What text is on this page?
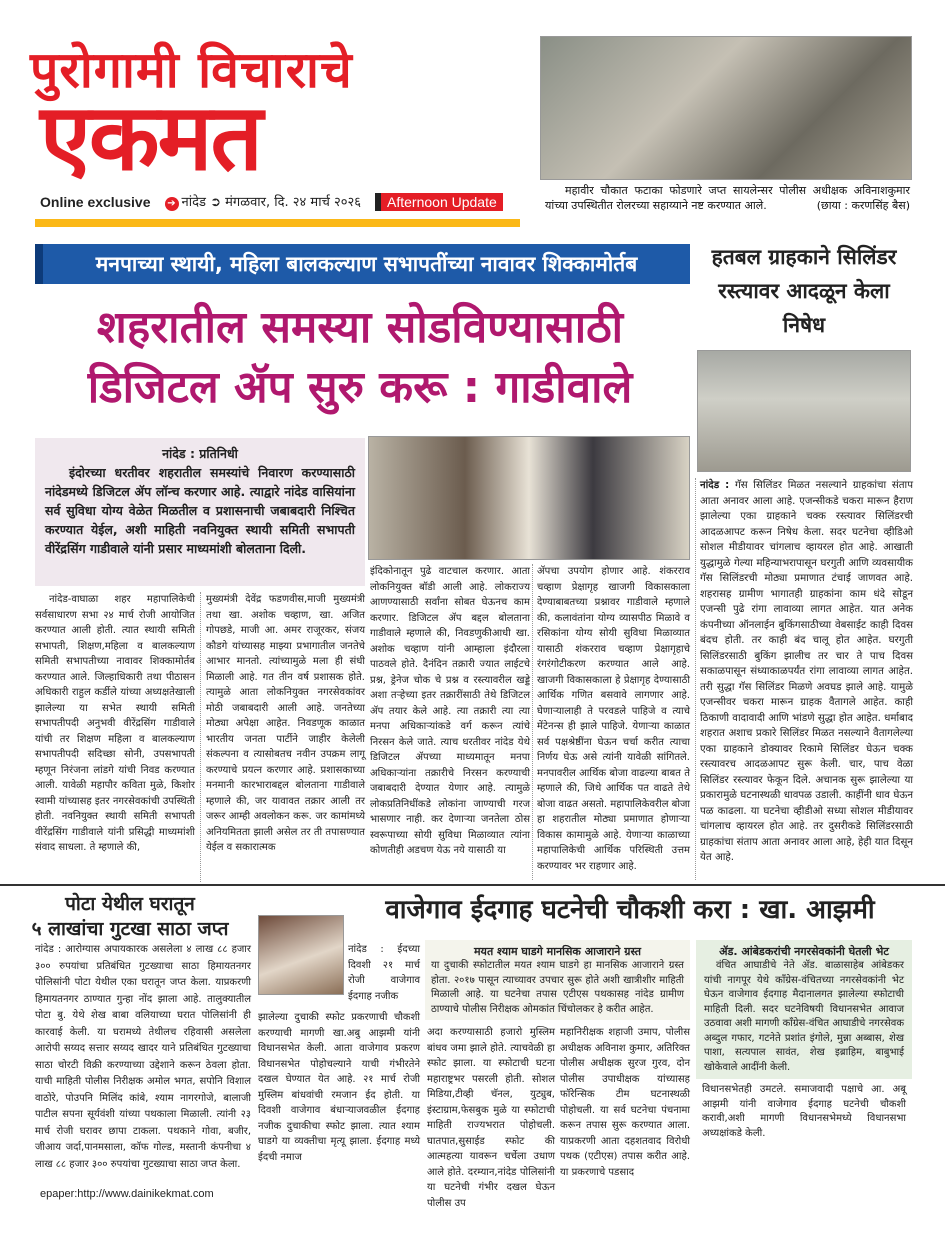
पुरोगामी विचाराचे
एकमत	महावीर चौकात फटाका फोडणारे जप्त सायलेन्सर पोलीस अधीक्षक अविनाशकुमार यांच्या उपस्थितीत रोलरच्या सहाय्याने नष्ट करण्यात आले.	(छाया : करणसिंह बैस)
Online exclusive ➔ नांदेड ➲ मंगळवार, दि. २४ मार्च २०२६	Afternoon Update
मनपाच्या स्थायी, महिला बालकल्याण सभापतींच्या नावावर शिक्कामोर्तब
शहरातील समस्या सोडविण्यासाठी
डिजिटल ॲप सुरु करू : गाडीवाले
नांदेड : प्रतिनिधी
इंदोरच्या धरतीवर शहरातील समस्यांचे निवारण करण्यासाठी नांदेडमध्ये डिजिटल ॲप लॉन्च करणार आहे. त्याद्वारे नांदेड वासियांना सर्व सुविधा योग्य वेळेत मिळतील व प्रशासनाची जबाबदारी निश्चित करण्यात येईल, अशी माहिती नवनियुक्त स्थायी समिती सभापती वीरेंद्रसिंग गाडीवाले यांनी प्रसार माध्यमांशी बोलताना दिली.
नांदेड-वाघाळा शहर महापालिकेची सर्वसाधारण सभा २४ मार्च रोजी आयोजित करण्यात आली होती. त्यात स्थायी समिती सभापती, शिक्षण,महिला व बालकल्याण समिती सभापतीच्या नावावर शिक्कामोर्तब करण्यात आले. जिल्हाधिकारी तथा पीठासन अधिकारी राहुल कर्डीले यांच्या अध्यक्षतेखाली झालेल्या या सभेत स्थायी समिती सभापतीपदी अनुभवी वीरेंद्रसिंग गाडीवाले यांची तर शिक्षण महिला व बालकल्याण सभापतीपदी सदिच्छा सोनी, उपसभापती म्हणून निरंजना लांडगे यांची निवड करण्यात आली. यावेळी महापौर कविता मुळे, किशोर स्वामी यांच्यासह इतर नगरसेवकांची उपस्थिती होती. नवनियुक्त स्थायी समिती सभापती वीरेंद्रसिंग गाडीवाले यांनी प्रसिद्धी माध्यमांशी संवाद साधला. ते म्हणाले की,
मुख्यमंत्री देवेंद्र फडणवीस,माजी मुख्यमंत्री तथा खा. अशोक चव्हाण, खा. अजित गोपछडे, माजी आ. अमर राजूरकर, संजय कौडगे यांच्यासह माझ्या प्रभागातील जनतेचे आभार मानतो. त्यांच्यामुळे मला ही संधी मिळाली आहे. गत तीन वर्ष प्रशासक होते. त्यामुळे आता लोकनियुक्त नगरसेवकांवर मोठी जबाबदारी आली आहे. जनतेच्या मोठ्या अपेक्षा आहेत. निवडणूक काळात भारतीय जनता पार्टीने जाहीर केलेली संकल्पना व त्यासोबतच नवीन उपक्रम लागू करण्याचे प्रयत्न करणार आहे. प्रशासकाच्या मनमानी कारभाराबद्दल बोलताना गाडीवाले म्हणाले की, जर यावावत तक्रार आली तर जरूर आम्ही अवलोकन करू. जर कामांमध्ये अनियमितता झाली असेल तर ती तपासण्यात येईल व सकारात्मक
इंदिकोनातून पुढे वाटचाल करणार. आता लोकनियुक्त बॉडी आली आहे. लोकराज्य आणण्यासाठी सर्वांना सोबत घेऊनच काम करणार. डिजिटल ॲप बद्दल बोलताना गाडीवाले म्हणाले की, निवडणुकीआधी खा. अशोक चव्हाण यांनी आम्हाला इंदौरला पाठवले होते. दैनंदिन तक्रारी ज्यात लाईटचे प्रश्न, ड्रेनेज चोक चे प्रश्न व रस्त्यावरील खड्डे अशा तऱ्हेच्या इतर तक्रारींसाठी तेथे डिजिटल ॲप तयार केले आहे. त्या तक्रारी त्या त्या मनपा अधिकाऱ्यांकडे वर्ग करून त्यांचे निरसन केले जाते. त्याच धरतीवर नांदेड येथे डिजिटल ॲपच्या माध्यमातून मनपा अधिकाऱ्यांना तक्रारीचे निरसन करण्याची जबाबदारी देण्यात येणार आहे. त्यामुळे लोकप्रतिनिधींकडे लोकांना जाण्याची गरज भासणार नाही. कर देणाऱ्या जनतेला ठोस स्वरूपाच्या सोयी सुविधा मिळाव्यात त्यांना कोणतीही अडचण येऊ नये यासाठी या
ॲपचा उपयोग होणार आहे. शंकरराव चव्हाण प्रेक्षागृह खाजगी विकासकाला देण्याबाबतच्या प्रश्नावर गाडीवाले म्हणाले की, कलावंतांना योग्य व्यासपीठ मिळावे व रसिकांना योग्य सोयी सुविधा मिळाव्यात यासाठी शंकरराव चव्हाण प्रेक्षागृहाचे रंगरंगोटीकरण करण्यात आले आहे. खाजगी विकासकाला हे प्रेक्षागृह देण्यासाठी आर्थिक गणित बसवावे लागणार आहे. घेणाऱ्यालाही ते परवडले पाहिजे व त्याचे मेंटेनन्स ही झाले पाहिजे. येणाऱ्या काळात सर्व पक्षश्रेष्ठींना घेऊन चर्चा करीत त्याचा निर्णय घेऊ असे त्यांनी यावेळी सांगितले. मनपावरील आर्थिक बोजा वाढल्या बाबत ते म्हणाले की, जिथे आर्थिक पत वाढते तेथे बोजा वाढत असतो. महापालिकेवरील बोजा हा शहरातील मोठ्या प्रमाणात होणाऱ्या विकास कामामुळे आहे. येणाऱ्या काळाच्या महापालिकेची आर्थिक परिस्थिती उत्तम करण्यावर भर राहणार आहे.
हतबल ग्राहकाने सिलिंडर रस्त्यावर आदळून केला निषेध
नांदेड : गॅस सिलिंडर मिळत नसल्याने ग्राहकांचा संताप आता अनावर आला आहे. एजन्सीकडे चकरा मारून हैराण झालेल्या एका ग्राहकाने चक्क रस्त्यावर सिलिंडरची आदळआपट करून निषेध केला. सदर घटनेचा व्हीडिओ सोशल मीडीयावर चांगलाच व्हायरल होत आहे. आखाती युद्धामुळे गेल्या महिन्याभरापासून घरगुती आणि व्यवसायीक गॅस सिलिंडरची मोठ्या प्रमाणात टंचाई जाणवत आहे. शहरासह ग्रामीण भागातही ग्राहकांना काम धंदे सोडून एजन्सी पुढे रांगा लावाव्या लागत आहेत. यात अनेक कंपनीच्या ऑनलाईन बुकिंगसाठीच्या वेबसाईट काही दिवस बंदच होती. तर काही बंद चालू होत आहेत. घरगुती सिलिंडरसाठी बुकिंग झालीच तर चार ते पाच दिवस सकाळपासून संध्याकाळपर्यंत रांगा लावाव्या लागत आहेत. तरी सुद्धा गॅस सिलिंडर मिळणे अवघड झाले आहे. यामुळे एजन्सीवर चकरा मारून ग्राहक वैतागले आहेत. काही ठिकाणी वादावादी आणि भांडणे सुद्धा होत आहेत. धर्माबाद शहरात अशाच प्रकारे सिलिंडर मिळत नसल्याने वैतागलेल्या एका ग्राहकाने डोक्यावर रिकामे सिलिंडर घेऊन चक्क रस्त्यावरच आदळआपट सुरू केली. चार, पाच वेळा सिलिंडर रस्त्यावर फेकून दिले. अचानक सुरू झालेल्या या प्रकारामुळे घटनास्थळी धावपळ उडाली. काहींनी धाव घेऊन पळ काढला. या घटनेचा व्हीडीओ सध्या सोशल मीडीयावर चांगलाच व्हायरल होत आहे. तर दुसरीकडे सिलिंडरसाठी ग्राहकांचा संताप आता अनावर आला आहे, हेही यात दिसून येत आहे.
पोटा येथील घरातून
५ लाखांचा गुटखा साठा जप्त
नांदेड : आरोग्यास अपायकारक असलेला ४ लाख ८८ हजार ३०० रुपयांचा प्रतिबंधित गुटख्याचा साठा हिमायतनगर पोलिसांनी पोटा येथील एका घरातून जप्त केला. याप्रकरणी हिमायतनगर ठाण्यात गुन्हा नोंद झाला आहे. तालुक्यातील पोटा बु. येथे शेख बाबा वलियाच्या घरात पोलिसांनी ही कारवाई केली. या घरामध्ये तेथीलच रहिवासी असलेला आरोपी सय्यद सत्तार सय्यद खादर याने प्रतिबंधित गुटख्याचा साठा चोरटी विक्री करण्याच्या उद्देशाने करून ठेवला होता. याची माहिती पोलीस निरीक्षक अमोल भगत, सपोनि विशाल वाठोरे, पोउपनि मिलिंद कांबे, श्याम नागरगोजे, बालाजी पाटील सपना सूर्यवंशी यांच्या पथकाला मिळाली. त्यांनी २३ मार्च रोजी घरावर छापा टाकला. पथकाने गोवा, बजीर, जीआय जर्दा,पानमसाला, कॉफ गोल्ड, मस्तानी कंपनीचा ४ लाख ८८ हजार ३०० रुपयांचा गुटख्याचा साठा जप्त केला.
वाजेगाव ईदगाह घटनेची चौकशी करा : खा. आझमी
नांदेड : ईदच्या दिवशी २१ मार्च रोजी वाजेगाव ईदगाह नजीक
झालेल्या दुचाकी स्फोट प्रकरणाची चौकशी करण्याची मागणी खा.अबु आझमी यांनी विधानसभेत केली. आता वाजेगाव प्रकरण विधानसभेत पोहोचल्याने याची गंभीरतेने दखल घेण्यात येत आहे. २१ मार्च रोजी मुस्लिम बांधवांची रमजान ईद होती. या दिवशी वाजेगाव बंधाऱ्याजवळील ईदगाह नजीक दुचाकीचा स्फोट झाला. त्यात श्याम घाडगे या व्यक्तीचा मृत्यू झाला. ईदगाह मध्ये ईदची नमाज
मयत श्याम घाडगे मानसिक आजाराने ग्रस्त
या दुचाकी स्फोटातील मयत श्याम घाडगे हा मानसिक आजाराने ग्रस्त होता. २०१७ पासून त्याच्यावर उपचार सुरू होते अशी खात्रीशीर माहिती मिळाली आहे. या घटनेचा तपास एटीएस पथकासह नांदेड ग्रामीण ठाण्याचे पोलीस निरीक्षक ओमकांत चिंचोलकर हे करीत आहेत.
अदा करण्यासाठी हजारो मुस्लिम बांधव जमा झाले होते. त्याचवेळी हा स्फोट झाला. या स्फोटाची घटना महाराष्ट्रभर पसरली होती. सोशल मिडिया,टीव्ही चॅनल, युट्युब, इंस्टाग्राम,फेसबुक मुळे या स्फोटाची माहिती राज्यभरात पोहोचली. घातपात,सुसाईड स्फोट की आत्महत्या यावरून चर्चेला उधाण आले होते. दरम्यान,नांदेड पोलिसांनी या घटनेची गंभीर दखल घेऊन पोलीस उप
महानिरीक्षक शहाजी उमाप, पोलीस अधीक्षक अविनाश कुमार, अतिरिक्त पोलीस अधीक्षक सुरज गुरव, दोन पोलीस उपाधीक्षक यांच्यासह फॉरेन्सिक टीम घटनास्थळी पोहोचली. या सर्व घटनेचा पंचनामा करून तपास सुरू करण्यात आला. याप्रकरणी आता दहशतवाद विरोधी पथक (एटीएस) तपास करीत आहे. या प्रकरणाचे पडसाद
ॲड. आंबेडकरांची नगरसेवकांनी घेतली भेट
वंचित आघाडीचे नेते ॲड. बाळासाहेब आंबेडकर यांची नागपूर येथे काँग्रेस-वंचितच्या नगरसेवकांनी भेट घेऊन वाजेगाव ईदगाह मैदानालगत झालेल्या स्फोटाची माहिती दिली. सदर घटनेविषयी विधानसभेत आवाज उठवावा अशी मागणी काँग्रेस-वंचित आघाडीचे नगरसेवक अब्दुल गफार, गटनेते प्रशांत इंगोले, मुन्ना अब्बास, शेख पाशा, सत्यपाल सावंत, शेख इब्राहिम, बाबुभाई खोकेवाले आदींनी केली.
विधानसभेतही उमटले. समाजवादी पक्षाचे आ. अबू आझमी यांनी वाजेगाव ईदगाह घटनेची चौकशी करावी,अशी मागणी विधानसभेमध्ये विधानसभा अध्यक्षांकडे केली.
epaper:http://www.dainikekmat.com
